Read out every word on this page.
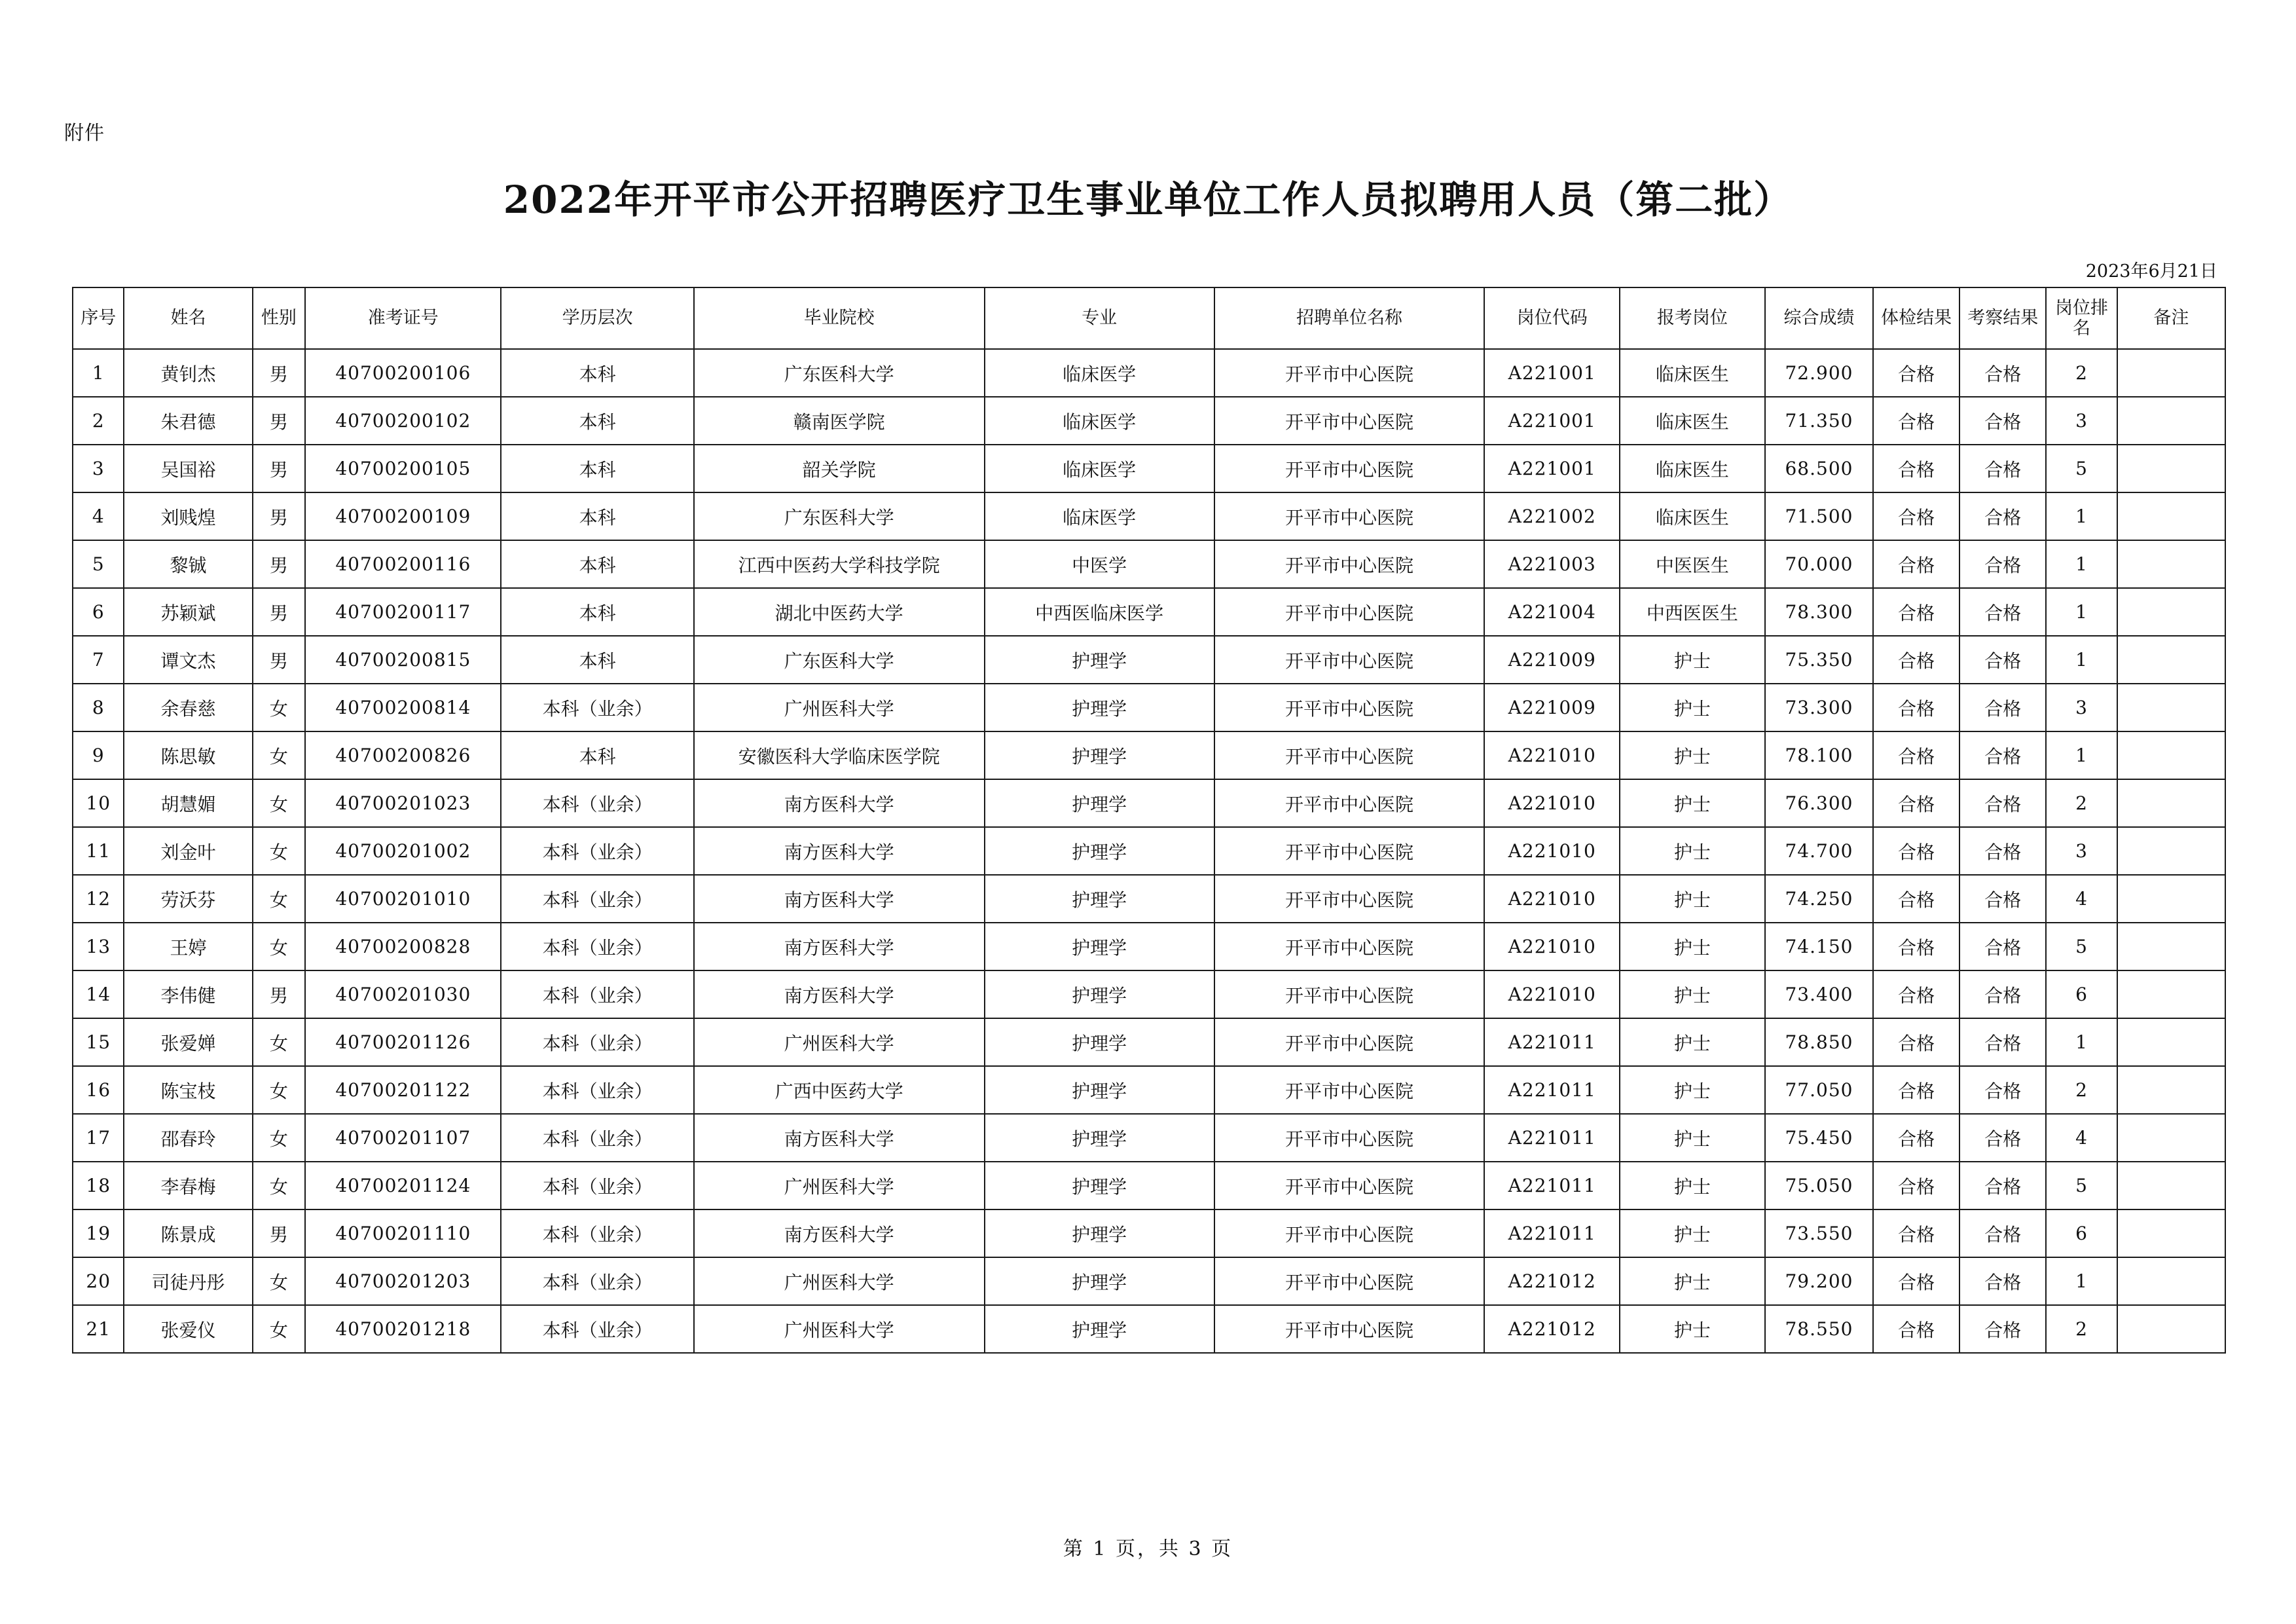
附件
2022年开平市公开招聘医疗卫生事业单位工作人员拟聘用人员（第二批）
2023年6月21日
序号	姓名	性别	准考证号	学历层次	毕业院校	专业	招聘单位名称	岗位代码	报考岗位	综合成绩	体检结果	考察结果	岗位排名	备注
1	黄钊杰	男	40700200106	本科	广东医科大学	临床医学	开平市中心医院	A221001	临床医生	72.900	合格	合格	2	
2	朱君德	男	40700200102	本科	赣南医学院	临床医学	开平市中心医院	A221001	临床医生	71.350	合格	合格	3	
3	吴国裕	男	40700200105	本科	韶关学院	临床医学	开平市中心医院	A221001	临床医生	68.500	合格	合格	5	
4	刘贱煌	男	40700200109	本科	广东医科大学	临床医学	开平市中心医院	A221002	临床医生	71.500	合格	合格	1	
5	黎铖	男	40700200116	本科	江西中医药大学科技学院	中医学	开平市中心医院	A221003	中医医生	70.000	合格	合格	1	
6	苏颖斌	男	40700200117	本科	湖北中医药大学	中西医临床医学	开平市中心医院	A221004	中西医医生	78.300	合格	合格	1	
7	谭文杰	男	40700200815	本科	广东医科大学	护理学	开平市中心医院	A221009	护士	75.350	合格	合格	1	
8	余春慈	女	40700200814	本科（业余）	广州医科大学	护理学	开平市中心医院	A221009	护士	73.300	合格	合格	3	
9	陈思敏	女	40700200826	本科	安徽医科大学临床医学院	护理学	开平市中心医院	A221010	护士	78.100	合格	合格	1	
10	胡慧媚	女	40700201023	本科（业余）	南方医科大学	护理学	开平市中心医院	A221010	护士	76.300	合格	合格	2	
11	刘金叶	女	40700201002	本科（业余）	南方医科大学	护理学	开平市中心医院	A221010	护士	74.700	合格	合格	3	
12	劳沃芬	女	40700201010	本科（业余）	南方医科大学	护理学	开平市中心医院	A221010	护士	74.250	合格	合格	4	
13	王婷	女	40700200828	本科（业余）	南方医科大学	护理学	开平市中心医院	A221010	护士	74.150	合格	合格	5	
14	李伟健	男	40700201030	本科（业余）	南方医科大学	护理学	开平市中心医院	A221010	护士	73.400	合格	合格	6	
15	张爱婵	女	40700201126	本科（业余）	广州医科大学	护理学	开平市中心医院	A221011	护士	78.850	合格	合格	1	
16	陈宝枝	女	40700201122	本科（业余）	广西中医药大学	护理学	开平市中心医院	A221011	护士	77.050	合格	合格	2	
17	邵春玲	女	40700201107	本科（业余）	南方医科大学	护理学	开平市中心医院	A221011	护士	75.450	合格	合格	4	
18	李春梅	女	40700201124	本科（业余）	广州医科大学	护理学	开平市中心医院	A221011	护士	75.050	合格	合格	5	
19	陈景成	男	40700201110	本科（业余）	南方医科大学	护理学	开平市中心医院	A221011	护士	73.550	合格	合格	6	
20	司徒丹彤	女	40700201203	本科（业余）	广州医科大学	护理学	开平市中心医院	A221012	护士	79.200	合格	合格	1	
21	张爱仪	女	40700201218	本科（业余）	广州医科大学	护理学	开平市中心医院	A221012	护士	78.550	合格	合格	2	
第 1 页，共 3 页
